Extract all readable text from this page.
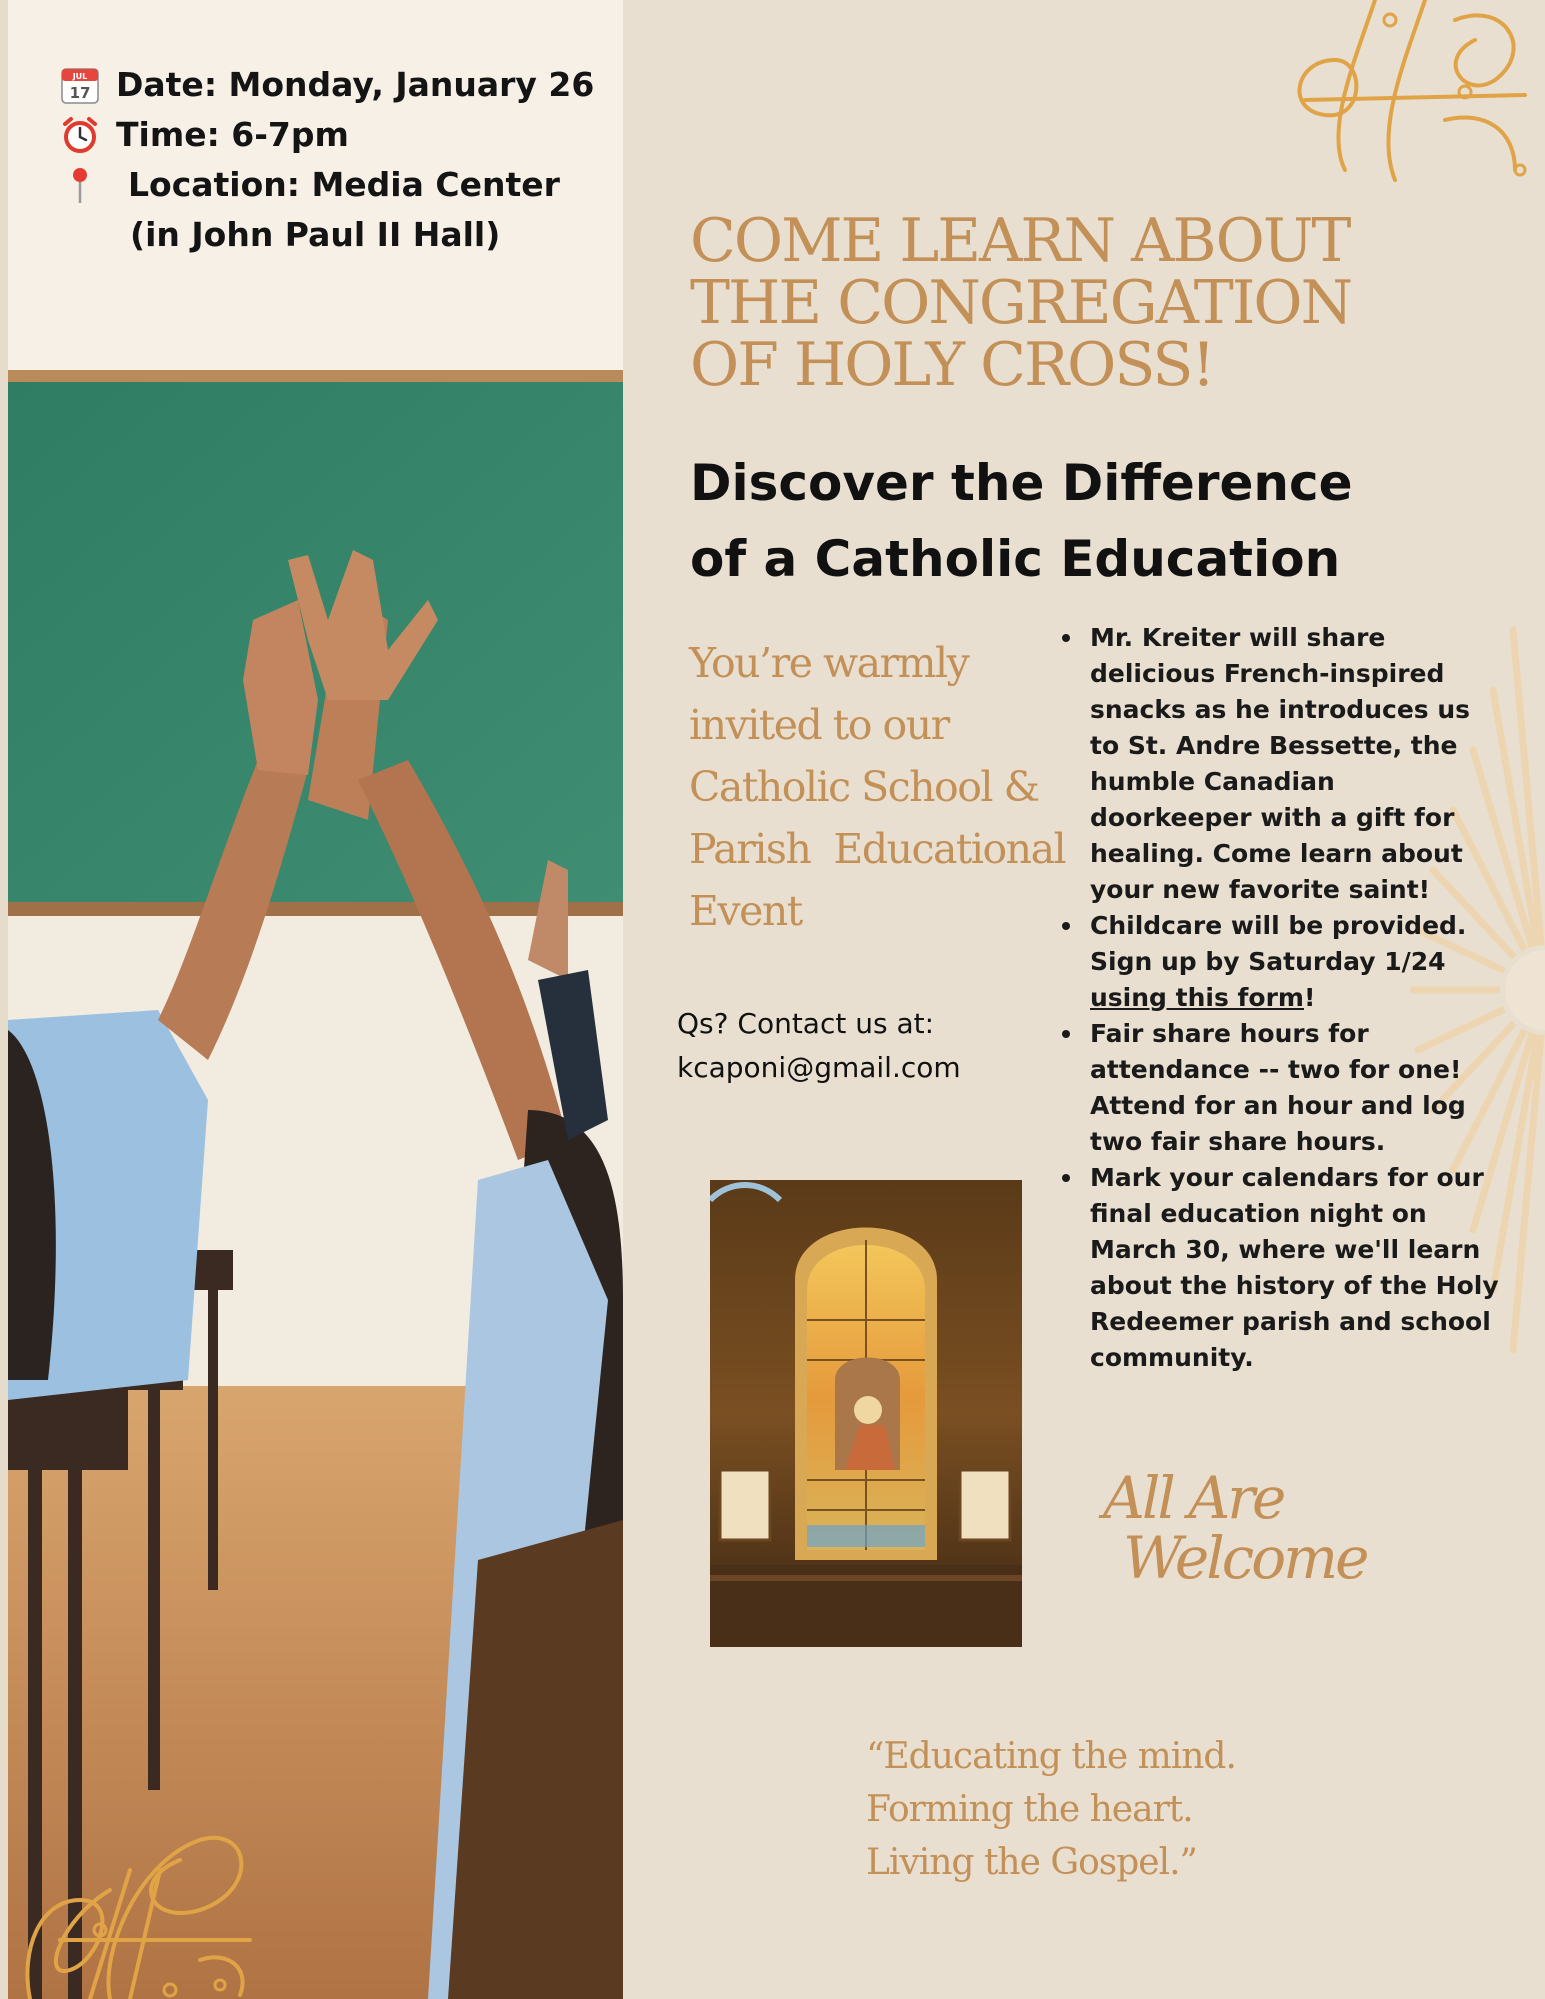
JUL
17 Date: Monday, January 26
Time: 6-7pm
Location: Media Center
(in John Paul II Hall)	COME LEARN ABOUT
THE CONGREGATION
OF HOLY CROSS!
Discover the Difference
of a Catholic Education
You’re warmly
invited to our
Catholic School &
Parish  Educational
Event
Qs? Contact us at:
kcaponi@gmail.com
Mr. Kreiter will share delicious French-inspired snacks as he introduces us to St. Andre Bessette, the humble Canadian doorkeeper with a gift for healing. Come learn about your new favorite saint!
Childcare will be provided. Sign up by Saturday 1/24 using this form!
Fair share hours for attendance -- two for one! Attend for an hour and log two fair share hours.
Mark your calendars for our final education night on March 30, where we'll learn about the history of the Holy Redeemer parish and school community.
All Are
Welcome
“Educating the mind.
Forming the heart.
Living the Gospel.”
